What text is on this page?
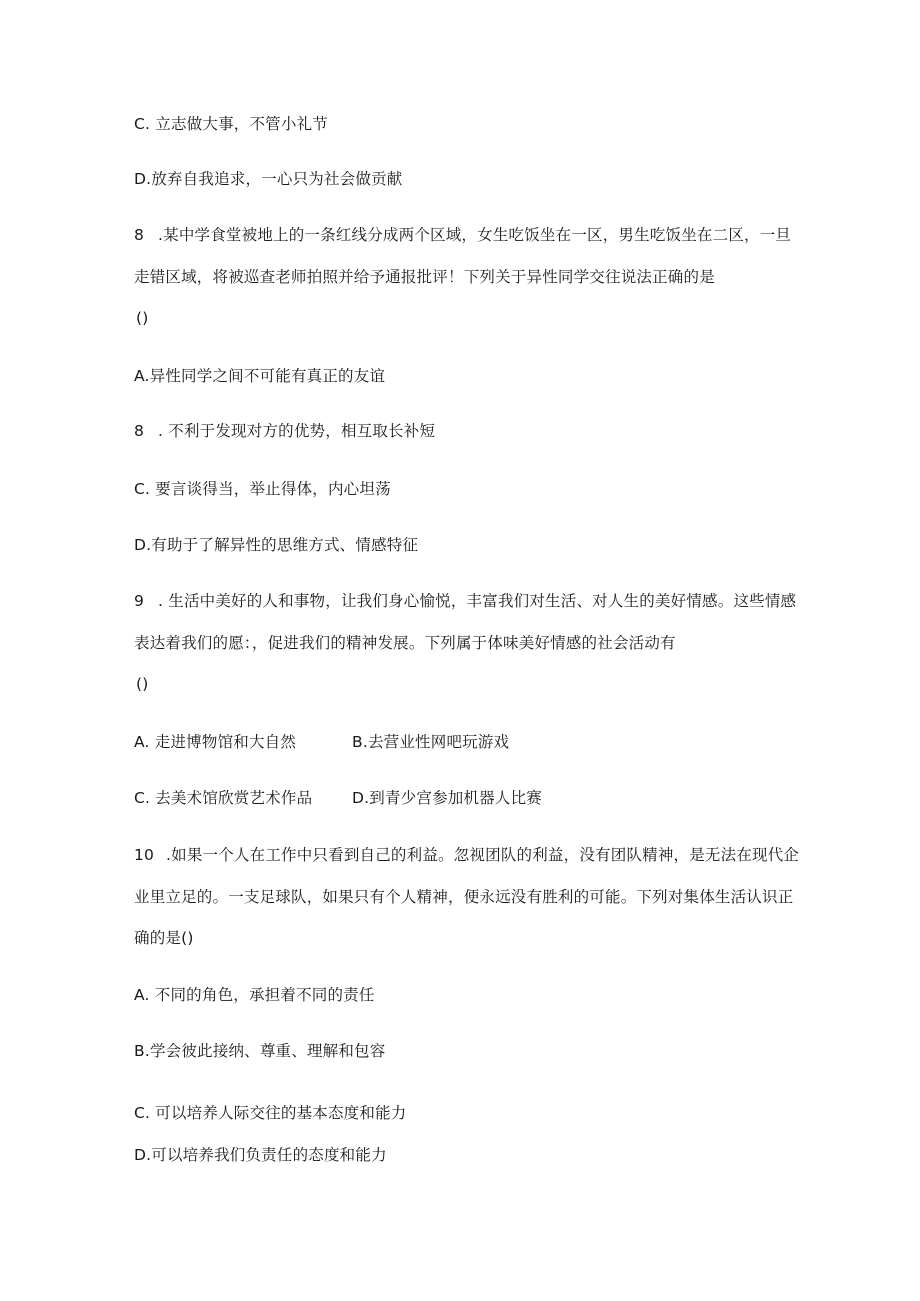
C. 立志做大事，不管小礼节
D.放弃自我追求，一心只为社会做贡献
8 .某中学食堂被地上的一条红线分成两个区域，女生吃饭坐在一区，男生吃饭坐在二区，一旦
走错区域，将被巡查老师拍照并给予通报批评！下列关于异性同学交往说法正确的是
()
A.异性同学之间不可能有真正的友谊
8 . 不利于发现对方的优势，相互取长补短
C. 要言谈得当，举止得体，内心坦荡
D.有助于了解异性的思维方式、情感特征
9 . 生活中美好的人和事物，让我们身心愉悦，丰富我们对生活、对人生的美好情感。这些情感
表达着我们的愿：，促进我们的精神发展。下列属于体味美好情感的社会活动有
()
A. 走进博物馆和大自然	B.去营业性网吧玩游戏
C. 去美术馆欣赏艺术作品	D.到青少宫参加机器人比赛
10 .如果一个人在工作中只看到自己的利益。忽视团队的利益，没有团队精神，是无法在现代企
业里立足的。一支足球队，如果只有个人精神，便永远没有胜利的可能。下列对集体生活认识正
确的是()
A. 不同的角色，承担着不同的责任
B.学会彼此接纳、尊重、理解和包容
C. 可以培养人际交往的基本态度和能力
D.可以培养我们负责任的态度和能力
